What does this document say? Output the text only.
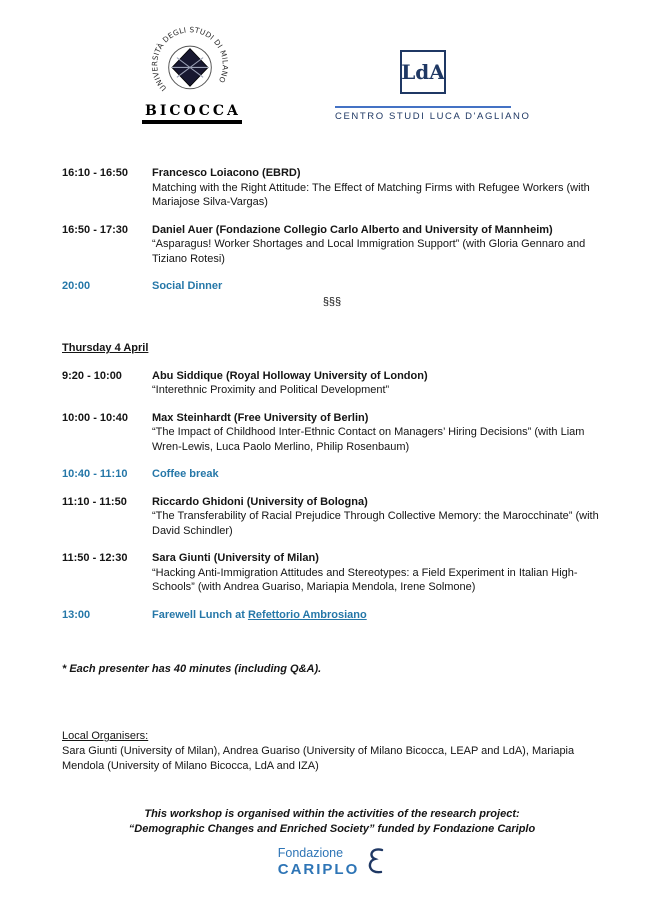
UNIVERSITÀ DEGLI STUDI DI MILANO
BICOCCA
LdA
CENTRO STUDI LUCA D'AGLIANO
16:10 - 16:50	Francesco Loiacono (EBRD)
Matching with the Right Attitude: The Effect of Matching Firms with Refugee Workers (with Mariajose Silva-Vargas)
16:50 - 17:30	Daniel Auer (Fondazione Collegio Carlo Alberto and University of Mannheim)
“Asparagus! Worker Shortages and Local Immigration Support” (with Gloria Gennaro and Tiziano Rotesi)
20:00	Social Dinner
§§§
Thursday 4 April
9:20 - 10:00	Abu Siddique (Royal Holloway University of London)
“Interethnic Proximity and Political Development”
10:00 - 10:40	Max Steinhardt (Free University of Berlin)
“The Impact of Childhood Inter-Ethnic Contact on Managers’ Hiring Decisions” (with Liam Wren-Lewis, Luca Paolo Merlino, Philip Rosenbaum)
10:40 - 11:10	Coffee break
11:10 - 11:50	Riccardo Ghidoni (University of Bologna)
“The Transferability of Racial Prejudice Through Collective Memory: the Marocchinate” (with David Schindler)
11:50 - 12:30	Sara Giunti (University of Milan)
“Hacking Anti-Immigration Attitudes and Stereotypes: a Field Experiment in Italian High-Schools” (with Andrea Guariso, Mariapia Mendola, Irene Solmone)
13:00	Farewell Lunch at Refettorio Ambrosiano
* Each presenter has 40 minutes (including Q&A).
Local Organisers:
Sara Giunti (University of Milan), Andrea Guariso (University of Milano Bicocca, LEAP and LdA), Mariapia Mendola (University of Milano Bicocca, LdA and IZA)
This workshop is organised within the activities of the research project:
“Demographic Changes and Enriched Society” funded by Fondazione Cariplo
Fondazione
CARIPLO
